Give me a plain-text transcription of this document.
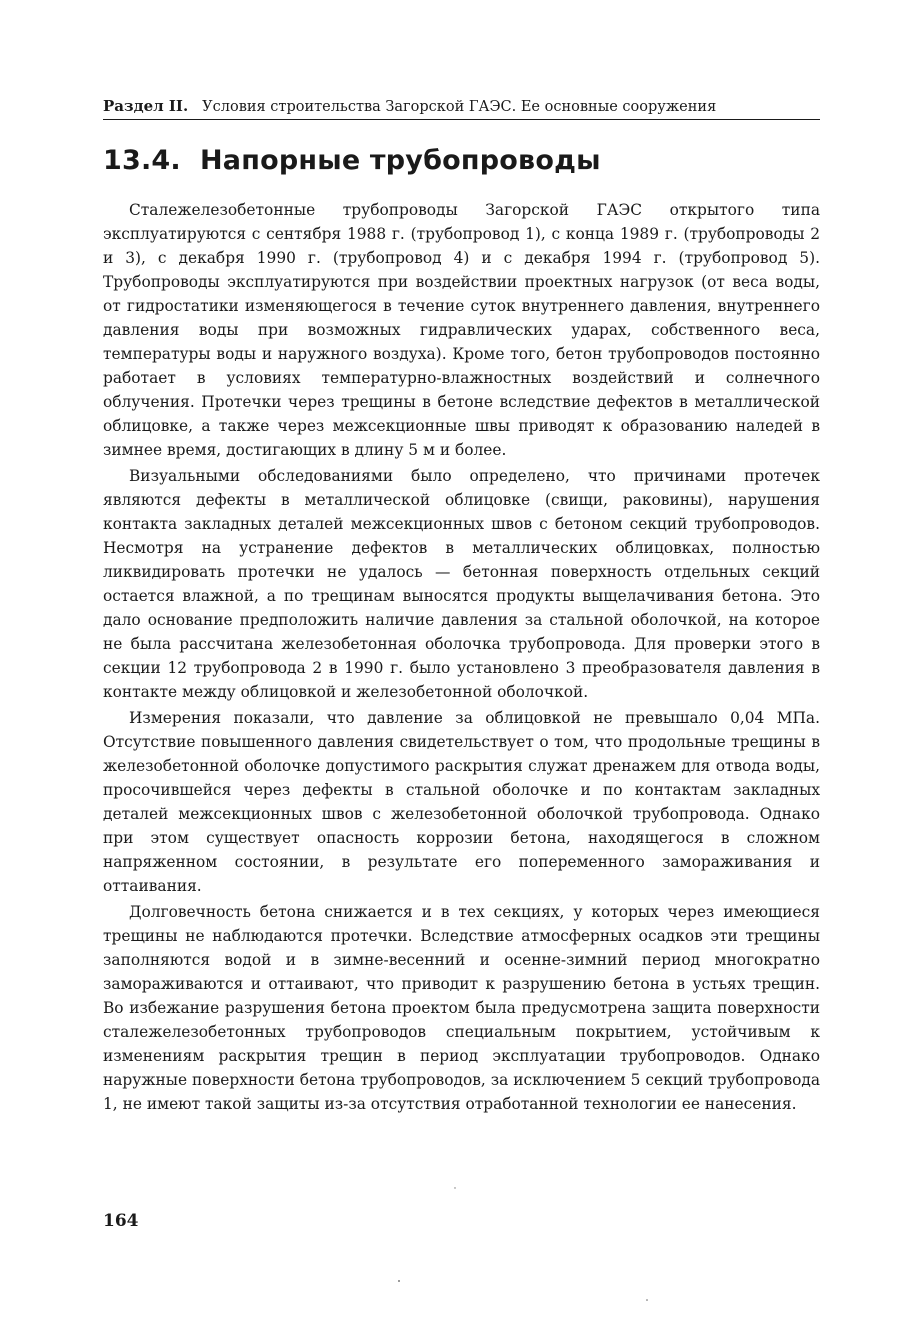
Раздел II. Условия строительства Загорской ГАЭС. Ее основные сооружения
13.4. Напорные трубопроводы

Сталежелезобетонные трубопроводы Загорской ГАЭС открытого типа эксплуатируются с сентября 1988 г. (трубопровод 1), с конца 1989 г. (трубопроводы 2 и 3), с декабря 1990 г. (трубопровод 4) и с декабря 1994 г. (трубопровод 5). Трубопроводы эксплуатируются при воздействии проектных нагрузок (от веса воды, от гидростатики изменяющегося в течение суток внутреннего давления, внутреннего давления воды при возможных гидравлических ударах, собственного веса, температуры воды и наружного воздуха). Кроме того, бетон трубопроводов постоянно работает в условиях температурно-влажностных воздействий и солнечного облучения. Протечки через трещины в бетоне вследствие дефектов в металлической облицовке, а также через межсекционные швы приводят к образованию наледей в зимнее время, достигающих в длину 5 м и более.

Визуальными обследованиями было определено, что причинами протечек являются дефекты в металлической облицовке (свищи, раковины), нарушения контакта закладных деталей межсекционных швов с бетоном секций трубопроводов. Несмотря на устранение дефектов в металлических облицовках, полностью ликвидировать протечки не удалось — бетонная поверхность отдельных секций остается влажной, а по трещинам выносятся продукты выщелачивания бетона. Это дало основание предположить наличие давления за стальной оболочкой, на которое не была рассчитана железобетонная оболочка трубопровода. Для проверки этого в секции 12 трубопровода 2 в 1990 г. было установлено 3 преобразователя давления в контакте между облицовкой и железобетонной оболочкой.

Измерения показали, что давление за облицовкой не превышало 0,04 МПа. Отсутствие повышенного давления свидетельствует о том, что продольные трещины в железобетонной оболочке допустимого раскрытия служат дренажем для отвода воды, просочившейся через дефекты в стальной оболочке и по контактам закладных деталей межсекционных швов с железобетонной оболочкой трубопровода. Однако при этом существует опасность коррозии бетона, находящегося в сложном напряженном состоянии, в результате его попеременного замораживания и оттаивания.

Долговечность бетона снижается и в тех секциях, у которых через имеющиеся трещины не наблюдаются протечки. Вследствие атмосферных осадков эти трещины заполняются водой и в зимне-весенний и осенне-зимний период многократно замораживаются и оттаивают, что приводит к разрушению бетона в устьях трещин. Во избежание разрушения бетона проектом была предусмотрена защита поверхности сталежелезобетонных трубопроводов специальным покрытием, устойчивым к изменениям раскрытия трещин в период эксплуатации трубопроводов. Однако наружные поверхности бетона трубопроводов, за исключением 5 секций трубопровода 1, не имеют такой защиты из-за отсутствия отработанной технологии ее нанесения.

164
